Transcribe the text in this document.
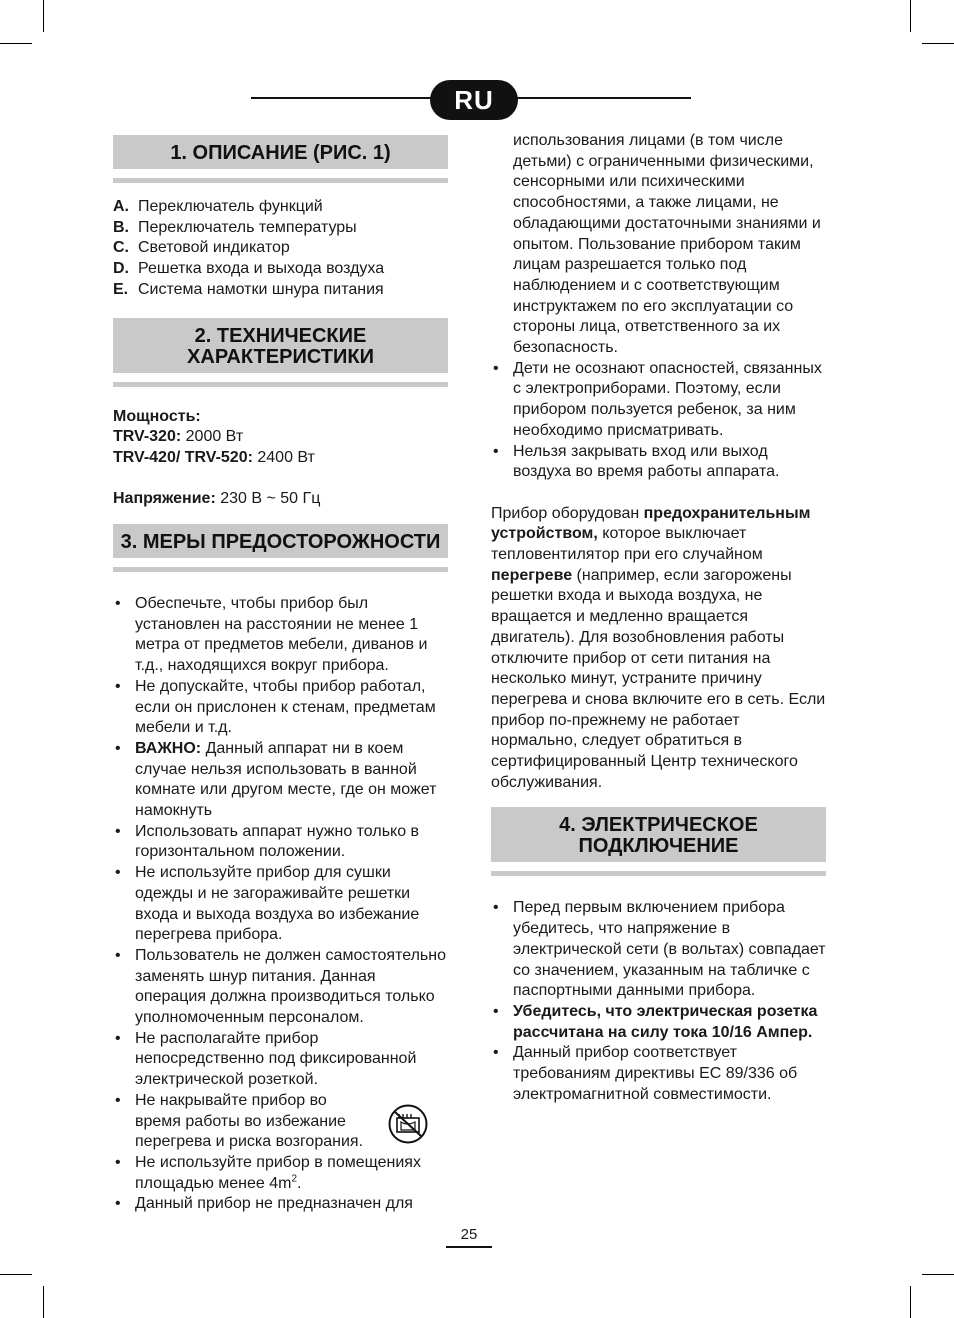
RU
1. ОПИСАНИЕ (РИС. 1)
A. Переключатель функций
B. Переключатель температуры
C. Световой индикатор
D. Решетка входа и выхода воздуха
E. Система намотки шнура питания
2. ТЕХНИЧЕСКИЕ ХАРАКТЕРИСТИКИ

Мощность:

TRV-320: 2000 Вт

TRV-420/ TRV-520: 2400 Вт

Напряжение: 230 В ~ 50 Гц

3. МЕРЫ ПРЕДОСТОРОЖНОСТИ
• Обеспечьте, чтобы прибор был установлен на расстоянии не менее 1 метра от предметов мебели, диванов и т.д., находящихся вокруг прибора.
• Не допускайте, чтобы прибор работал, если он прислонен к стенам, предметам мебели и т.д.
• ВАЖНО: Данный аппарат ни в коем случае нельзя использовать в ванной комнате или другом месте, где он может намокнуть
• Использовать аппарат нужно только в горизонтальном положении.
• Не используйте прибор для сушки одежды и не загораживайте решетки входа и выхода воздуха во избежание перегрева прибора.
• Пользователь не должен самостоятельно заменять шнур питания. Данная операция должна производиться только уполномоченным персоналом.
• Не располагайте прибор непосредственно под фиксированной электрической розеткой.
• Не накрывайте прибор во время работы во избежание перегрева и риска возгорания.
• Не используйте прибор в помещениях площадью менее $4m^2$.
• Данный прибор не предназначен для

использования лицами (в том числе детьми) с ограниченными физическими, сенсорными или психическими способностями, а также лицами, не обладающими достаточными знаниями и опытом. Пользование прибором таким лицам разрешается только под наблюдением и с соответствующим инструктажем по его эксплуатации со стороны лица, ответственного за их безопасность.

• Дети не осознают опасностей, связанных с электроприборами. Поэтому, если прибором пользуется ребенок, за ним необходимо присматривать.
• Нельзя закрывать вход или выход воздуха во время работы аппарата.

Прибор оборудован предохранительным устройством, которое выключает тепловентилятор при его случайном перегреве (например, если загорожены решетки входа и выхода воздуха, не вращается и медленно вращается двигатель). Для возобновления работы отключите прибор от сети питания на несколько минут, устраните причину перегрева и снова включите его в сеть. Если прибор по-прежнему не работает нормально, следует обратиться в сертифицированный Центр технического обслуживания.

4. ЭЛЕКТРИЧЕСКОЕ ПОДКЛЮЧЕНИЕ
• Перед первым включением прибора убедитесь, что напряжение в электрической сети (в вольтах) совпадает со значением, указанным на табличке с паспортными данными прибора.
• Убедитесь, что электрическая розетка рассчитана на силу тока 10/16 Ампер.
• Данный прибор соответствует требованиям директивы ЕС 89/336 об электромагнитной совместимости.
25
